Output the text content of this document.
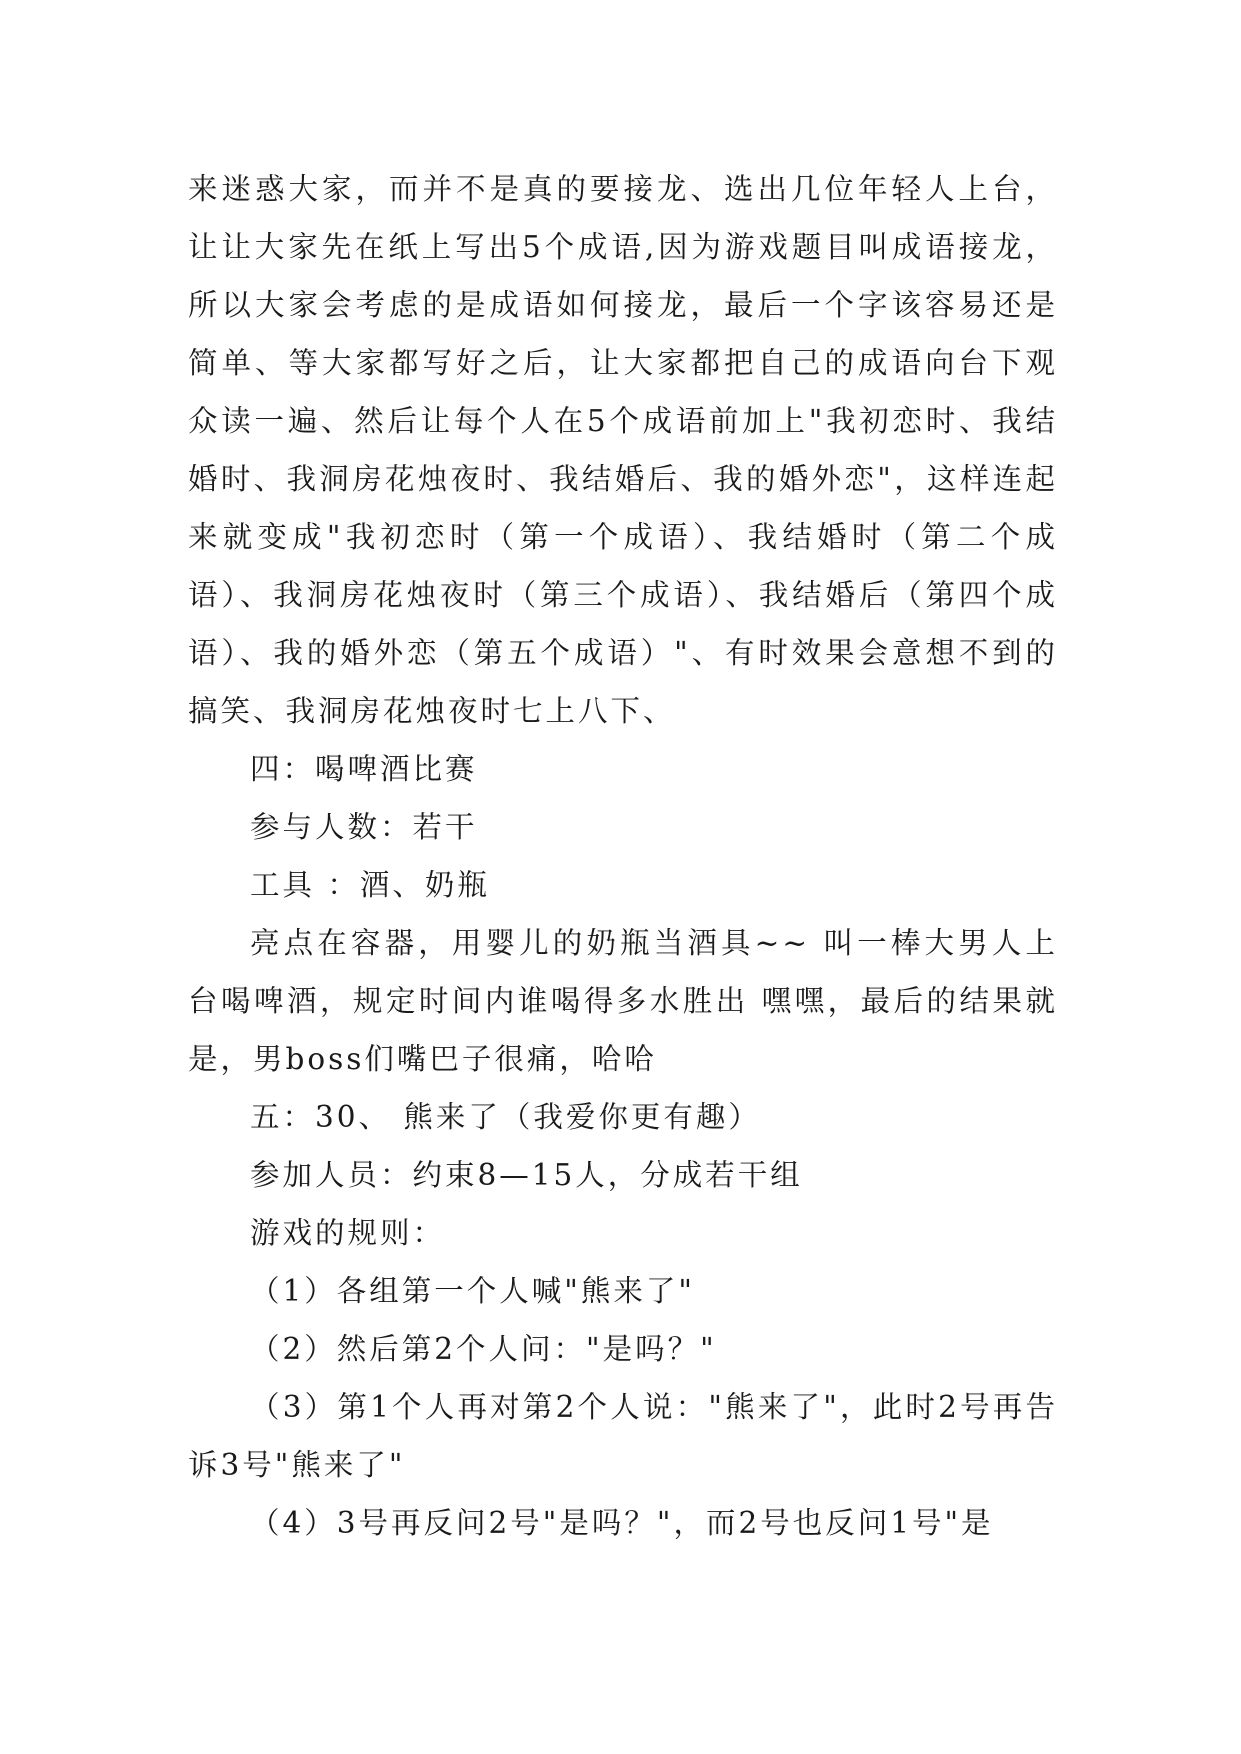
来迷惑大家，而并不是真的要接龙、选出几位年轻人上台，让让大家先在纸上写出5个成语,因为游戏题目叫成语接龙，所以大家会考虑的是成语如何接龙，最后一个字该容易还是简单、等大家都写好之后，让大家都把自己的成语向台下观众读一遍、然后让每个人在5个成语前加上"我初恋时、我结婚时、我洞房花烛夜时、我结婚后、我的婚外恋"，这样连起来就变成"我初恋时（第一个成语）、我结婚时（第二个成语）、我洞房花烛夜时（第三个成语）、我结婚后（第四个成语）、我的婚外恋（第五个成语）"、有时效果会意想不到的搞笑、我洞房花烛夜时七上八下、

四：喝啤酒比赛

参与人数：若干

工具 ：酒、奶瓶

亮点在容器，用婴儿的奶瓶当酒具~~ 叫一棒大男人上台喝啤酒，规定时间内谁喝得多水胜出 嘿嘿，最后的结果就是，男boss们嘴巴子很痛，哈哈

五：30、 熊来了（我爱你更有趣）

参加人员：约束8—15人，分成若干组

游戏的规则：

（1）各组第一个人喊"熊来了"

（2）然后第2个人问："是吗？"

（3）第1个人再对第2个人说："熊来了"，此时2号再告诉3号"熊来了"

（4）3号再反问2号"是吗？"，而2号也反问1号"是
